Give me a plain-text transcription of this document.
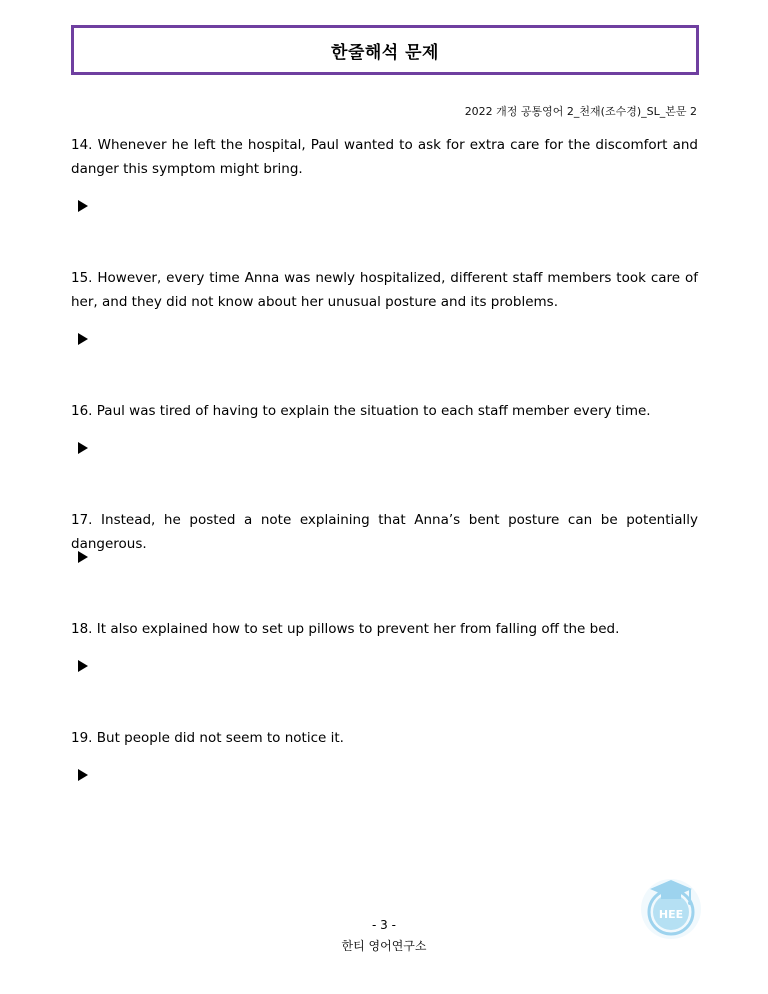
한줄해석 문제
2022 개정 공통영어 2_천재(조수경)_SL_본문 2
14. Whenever he left the hospital, Paul wanted to ask for extra care for the discomfort and danger this symptom might bring.
15. However, every time Anna was newly hospitalized, different staff members took care of her, and they did not know about her unusual posture and its problems.
16. Paul was tired of having to explain the situation to each staff member every time.
17. Instead, he posted a note explaining that Anna’s bent posture can be potentially dangerous.
18. It also explained how to set up pillows to prevent her from falling off the bed.
19. But people did not seem to notice it.
HEE
- 3 -
한티 영어연구소
